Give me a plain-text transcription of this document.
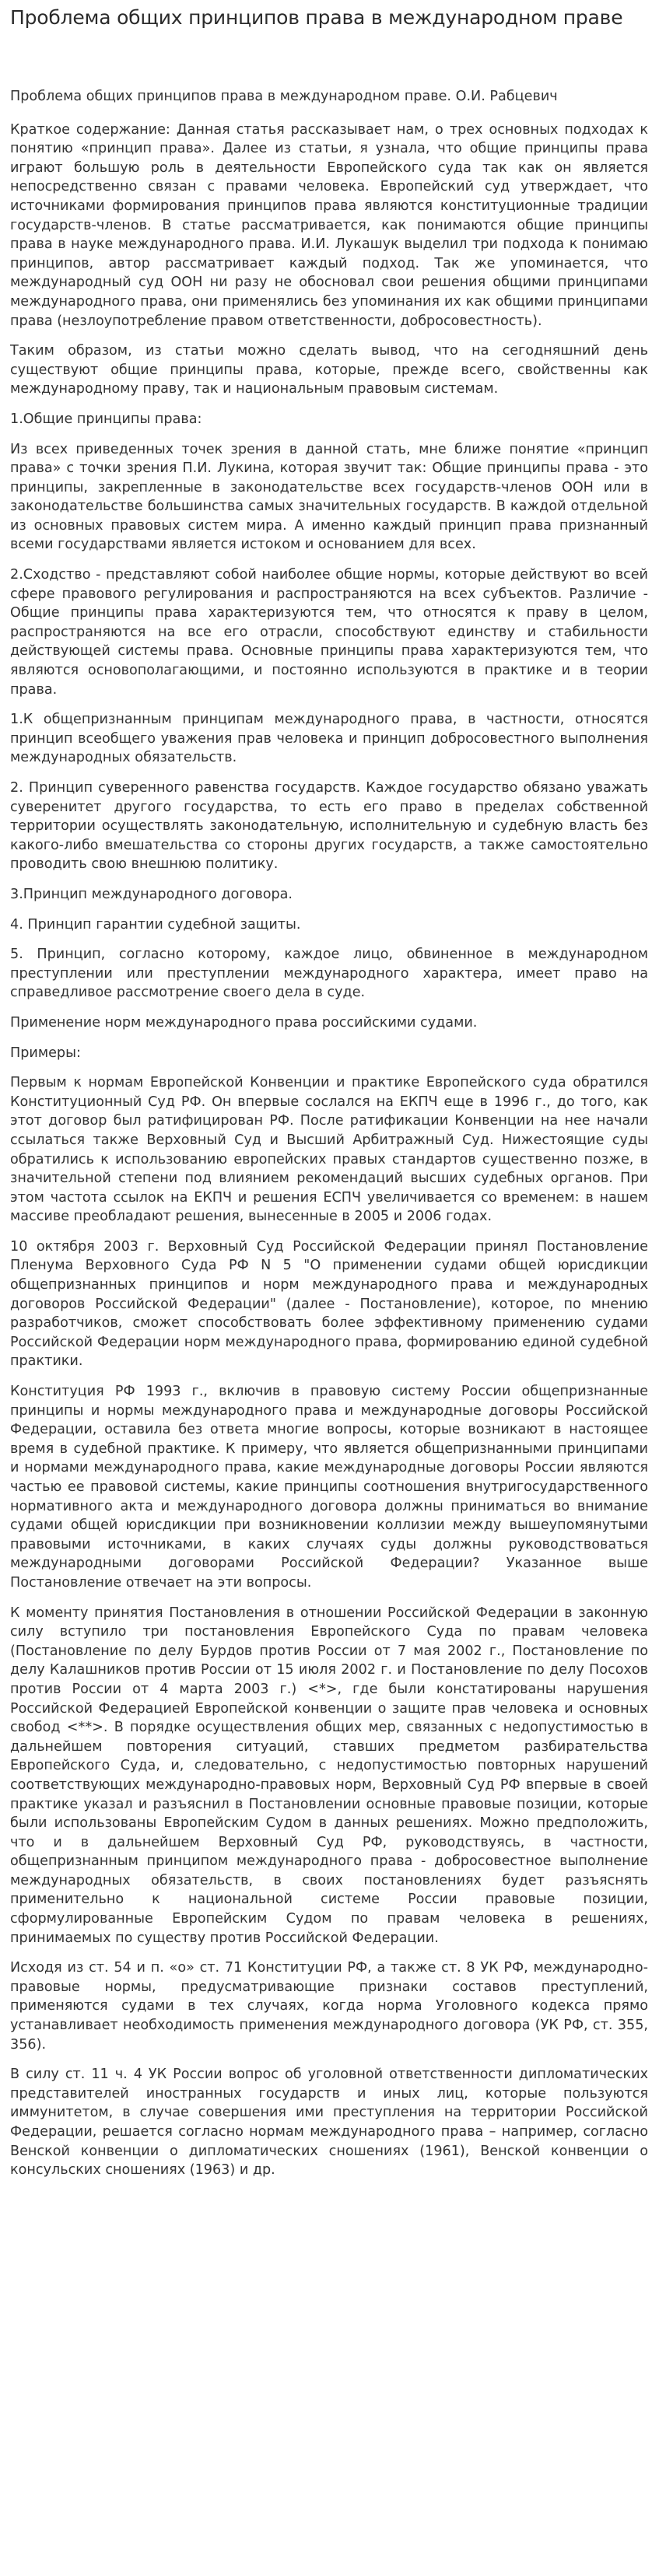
Проблема общих принципов права в международном праве

Проблема общих принципов права в международном праве. О.И. Рабцевич

Краткое содержание: Данная статья рассказывает нам, о трех основных подходах к понятию «принцип права». Далее из статьи, я узнала, что общие принципы права играют большую роль в деятельности Европейского суда так как он является непосредственно связан с правами человека. Европейский суд утверждает, что источниками формирования принципов права являются конституционные традиции государств-членов. В статье рассматривается, как понимаются общие принципы права в науке международного права. И.И. Лукашук выделил три подхода к понимаю принципов, автор рассматривает каждый подход. Так же упоминается, что международный суд ООН ни разу не обосновал свои решения общими принципами международного права, они применялись без упоминания их как общими принципами права (незлоупотребление правом ответственности, добросовестность).

Таким образом, из статьи можно сделать вывод, что на сегодняшний день существуют общие принципы права, которые, прежде всего, свойственны как международному праву, так и национальным правовым системам.

1.Общие принципы права:

Из всех приведенных точек зрения в данной стать, мне ближе понятие «принцип права» с точки зрения П.И. Лукина, которая звучит так: Общие принципы права - это принципы, закрепленные в законодательстве всех государств-членов ООН или в законодательстве большинства самых значительных государств. В каждой отдельной из основных правовых систем мира. А именно каждый принцип права признанный всеми государствами является истоком и основанием для всех.

2.Сходство - представляют собой наиболее общие нормы, которые действуют во всей сфере правового регулирования и распространяются на всех субъектов. Различие - Общие принципы права характеризуются тем, что относятся к праву в целом, распространяются на все его отрасли, способствуют единству и стабильности действующей системы права. Основные принципы права характеризуются тем, что являются основополагающими, и постоянно используются в практике и в теории права.

1.К общепризнанным принципам международного права, в частности, относятся принцип всеобщего уважения прав человека и принцип добросовестного выполнения международных обязательств.

2. Принцип суверенного равенства государств. Каждое государство обязано уважать суверенитет другого государства, то есть его право в пределах собственной территории осуществлять законодательную, исполнительную и судебную власть без какого-либо вмешательства со стороны других государств, а также самостоятельно проводить свою внешнюю политику.

3.Принцип международного договора.

4. Принцип гарантии судебной защиты.

5. Принцип, согласно которому, каждое лицо, обвиненное в международном преступлении или преступлении международного характера, имеет право на справедливое рассмотрение своего дела в суде.

Применение норм международного права российскими судами.

Примеры:

Первым к нормам Европейской Конвенции и практике Европейского суда обратился Конституционный Суд РФ. Он впервые сослался на ЕКПЧ еще в 1996 г., до того, как этот договор был ратифицирован РФ. После ратификации Конвенции на нее начали ссылаться также Верховный Суд и Высший Арбитражный Суд. Нижестоящие суды обратились к использованию европейских правых стандартов существенно позже, в значительной степени под влиянием рекомендаций высших судебных органов. При этом частота ссылок на ЕКПЧ и решения ЕСПЧ увеличивается со временем: в нашем массиве преобладают решения, вынесенные в 2005 и 2006 годах.

10 октября 2003 г. Верховный Суд Российской Федерации принял Постановление Пленума Верховного Суда РФ N 5 "О применении судами общей юрисдикции общепризнанных принципов и норм международного права и международных договоров Российской Федерации" (далее - Постановление), которое, по мнению разработчиков, сможет способствовать более эффективному применению судами Российской Федерации норм международного права, формированию единой судебной практики.

Конституция РФ 1993 г., включив в правовую систему России общепризнанные принципы и нормы международного права и международные договоры Российской Федерации, оставила без ответа многие вопросы, которые возникают в настоящее время в судебной практике. К примеру, что является общепризнанными принципами и нормами международного права, какие международные договоры России являются частью ее правовой системы, какие принципы соотношения внутригосударственного нормативного акта и международного договора должны приниматься во внимание судами общей юрисдикции при возникновении коллизии между вышеупомянутыми правовыми источниками, в каких случаях суды должны руководствоваться международными договорами Российской Федерации? Указанное выше Постановление отвечает на эти вопросы.

К моменту принятия Постановления в отношении Российской Федерации в законную силу вступило три постановления Европейского Суда по правам человека (Постановление по делу Бурдов против России от 7 мая 2002 г., Постановление по делу Калашников против России от 15 июля 2002 г. и Постановление по делу Посохов против России от 4 марта 2003 г.) <*>, где были констатированы нарушения Российской Федерацией Европейской конвенции о защите прав человека и основных свобод <**>. В порядке осуществления общих мер, связанных с недопустимостью в дальнейшем повторения ситуаций, ставших предметом разбирательства Европейского Суда, и, следовательно, с недопустимостью повторных нарушений соответствующих международно-правовых норм, Верховный Суд РФ впервые в своей практике указал и разъяснил в Постановлении основные правовые позиции, которые были использованы Европейским Судом в данных решениях. Можно предположить, что и в дальнейшем Верховный Суд РФ, руководствуясь, в частности, общепризнанным принципом международного права - добросовестное выполнение международных обязательств, в своих постановлениях будет разъяснять применительно к национальной системе России правовые позиции, сформулированные Европейским Судом по правам человека в решениях, принимаемых по существу против Российской Федерации.

Исходя из ст. 54 и п. «о» ст. 71 Конституции РФ, а также ст. 8 УК РФ, международно-правовые нормы, предусматривающие признаки составов преступлений, применяются судами в тех случаях, когда норма Уголовного кодекса прямо устанавливает необходимость применения международного договора (УК РФ, ст. 355, 356).

В силу ст. 11 ч. 4 УК России вопрос об уголовной ответственности дипломатических представителей иностранных государств и иных лиц, которые пользуются иммунитетом, в случае совершения ими преступления на территории Российской Федерации, решается согласно нормам международного права – например, согласно Венской конвенции о дипломатических сношениях (1961), Венской конвенции о консульских сношениях (1963) и др.
